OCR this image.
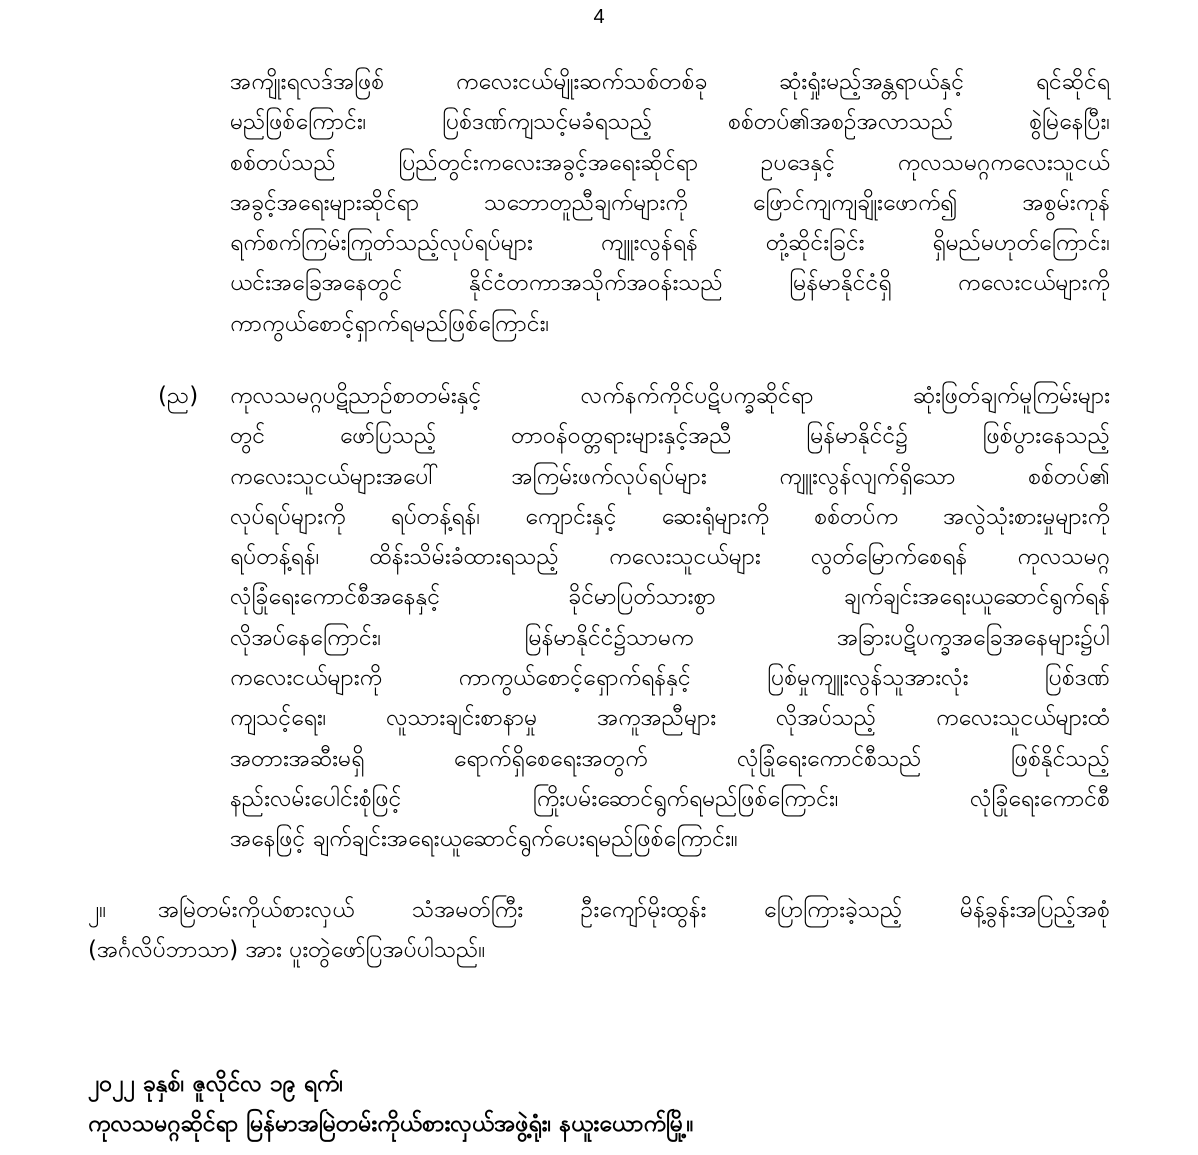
4

အကျိုးရလဒ်အဖြစ် ကလေးငယ်မျိုးဆက်သစ်တစ်ခု ဆုံးရှုံးမည့်အန္တရာယ်နှင့် ရင်ဆိုင်ရ

မည်ဖြစ်ကြောင်း၊ ပြစ်ဒဏ်ကျသင့်မခံရသည့် စစ်တပ်၏အစဉ်အလာသည် စွဲမြဲနေပြီး၊

စစ်တပ်သည် ပြည်တွင်းကလေးအခွင့်အရေးဆိုင်ရာ ဥပဒေနှင့် ကုလသမဂ္ဂကလေးသူငယ်

အခွင့်အရေးများဆိုင်ရာ သဘောတူညီချက်များကို ဖြောင်ကျကျချိုးဖောက်၍ အစွမ်းကုန်

ရက်စက်ကြမ်းကြုတ်သည့်လုပ်ရပ်များ ကျူးလွန်ရန် တုံ့ဆိုင်းခြင်း ရှိမည်မဟုတ်ကြောင်း၊

ယင်းအခြေအနေတွင် နိုင်ငံတကာအသိုက်အဝန်းသည် မြန်မာနိုင်ငံရှိ ကလေးငယ်များကို

ကာကွယ်စောင့်ရှာက်ရမည်ဖြစ်ကြောင်း၊

(ည) ကုလသမဂ္ဂပဋိညာဉ်စာတမ်းနှင့် လက်နက်ကိုင်ပဋိပက္ခဆိုင်ရာ ဆုံးဖြတ်ချက်မူကြမ်းများ

တွင် ဖော်ပြသည့် တာဝန်ဝတ္တရားများနှင့်အညီ မြန်မာနိုင်ငံ၌ ဖြစ်ပွားနေသည့်

ကလေးသူငယ်များအပေါ် အကြမ်းဖက်လုပ်ရပ်များ ကျူးလွန်လျက်ရှိသော စစ်တပ်၏

လုပ်ရပ်များကို ရပ်တန့်ရန်၊ ကျောင်းနှင့် ဆေးရုံများကို စစ်တပ်က အလွဲသုံးစားမှုများကို

ရပ်တန့်ရန်၊ ထိန်းသိမ်းခံထားရသည့် ကလေးသူငယ်များ လွတ်မြောက်စေရန် ကုလသမဂ္ဂ

လုံခြုံရေးကောင်စီအနေနှင့် ခိုင်မာပြတ်သားစွာ ချက်ချင်းအရေးယူဆောင်ရွက်ရန်

လိုအပ်နေကြောင်း၊ မြန်မာနိုင်ငံ၌သာမက အခြားပဋိပက္ခအခြေအနေများ၌ပါ

ကလေးငယ်များကို ကာကွယ်စောင့်ရှောက်ရန်နှင့် ပြစ်မှုကျူးလွန်သူအားလုံး ပြစ်ဒဏ်

ကျသင့်ရေး၊ လူသားချင်းစာနာမှု အကူအညီများ လိုအပ်သည့် ကလေးသူငယ်များထံ

အတားအဆီးမရှိ ရောက်ရှိစေရေးအတွက် လုံခြုံရေးကောင်စီသည် ဖြစ်နိုင်သည့်

နည်းလမ်းပေါင်းစုံဖြင့် ကြိုးပမ်းဆောင်ရွက်ရမည်ဖြစ်ကြောင်း၊ လုံခြုံရေးကောင်စီ

အနေဖြင့် ချက်ချင်းအရေးယူဆောင်ရွက်ပေးရမည်ဖြစ်ကြောင်း။

၂။	အမြဲတမ်းကိုယ်စားလှယ် သံအမတ်ကြီး ဦးကျော်မိုးထွန်း ပြောကြားခဲ့သည့် မိန့်ခွန်းအပြည့်အစုံ

(အင်္ဂလိပ်ဘာသာ) အား ပူးတွဲဖော်ပြအပ်ပါသည်။

၂၀၂၂ ခုနှစ်၊ ဇူလိုင်လ ၁၉ ရက်၊
ကုလသမဂ္ဂဆိုင်ရာ မြန်မာအမြဲတမ်းကိုယ်စားလှယ်အဖွဲ့ရုံး၊ နယူးယောက်မြို့။
